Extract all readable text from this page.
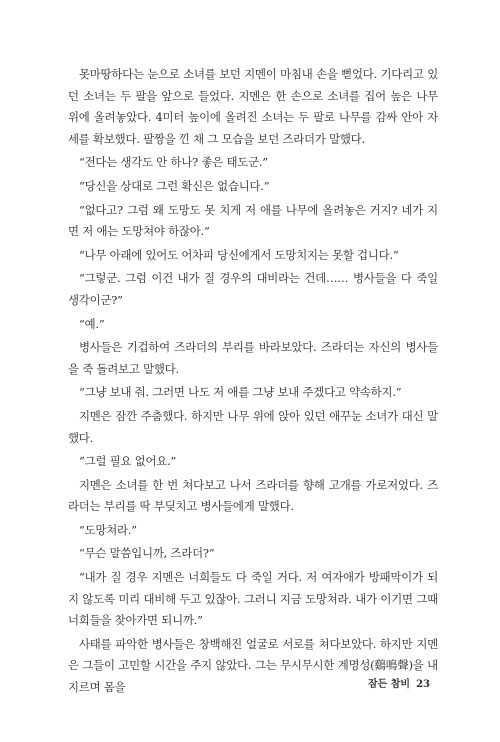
못마땅하다는 눈으로 소녀를 보던 지멘이 마침내 손을 뻗었다. 기다리고 있던 소녀는 두 팔을 앞으로 들었다. 지멘은 한 손으로 소녀를 집어 높은 나무 위에 올려놓았다. 4미터 높이에 올려진 소녀는 두 팔로 나무를 감싸 안아 자세를 확보했다. 팔짱을 낀 채 그 모습을 보던 즈라더가 말했다.

“전다는 생각도 안 하나? 좋은 태도군.”

“당신을 상대로 그런 확신은 없습니다.”

“없다고? 그럼 왜 도망도 못 치게 저 애를 나무에 올려놓은 거지? 네가 지면 저 애는 도망쳐야 하잖아.”

“나무 아래에 있어도 어차피 당신에게서 도망치지는 못할 겁니다.”

“그렇군. 그럼 이건 내가 질 경우의 대비라는 건데…… 병사들을 다 죽일 생각이군?”

“예.”

병사들은 기겁하여 즈라더의 부리를 바라보았다. 즈라더는 자신의 병사들을 죽 돌려보고 말했다.

“그냥 보내 줘. 그러면 나도 저 애를 그냥 보내 주겠다고 약속하지.”

지멘은 잠깐 주춤했다. 하지만 나무 위에 앉아 있던 애꾸눈 소녀가 대신 말했다.

“그럴 필요 없어요.”

지멘은 소녀를 한 번 쳐다보고 나서 즈라더를 향해 고개를 가로저었다. 즈라더는 부리를 딱 부딪치고 병사들에게 말했다.

“도망쳐라.”

“무슨 말씀입니까, 즈라더?”

“내가 질 경우 지멘은 너희들도 다 죽일 거다. 저 여자애가 방패막이가 되지 않도록 미리 대비해 두고 있잖아. 그러니 지금 도망쳐라. 내가 이기면 그때 너희들을 찾아가면 되니까.”

사태를 파악한 병사들은 창백해진 얼굴로 서로를 쳐다보았다. 하지만 지멘은 그들이 고민할 시간을 주지 않았다. 그는 무시무시한 계명성(鷄鳴聲)을 내지르며 몸을	잠든 참비 23
